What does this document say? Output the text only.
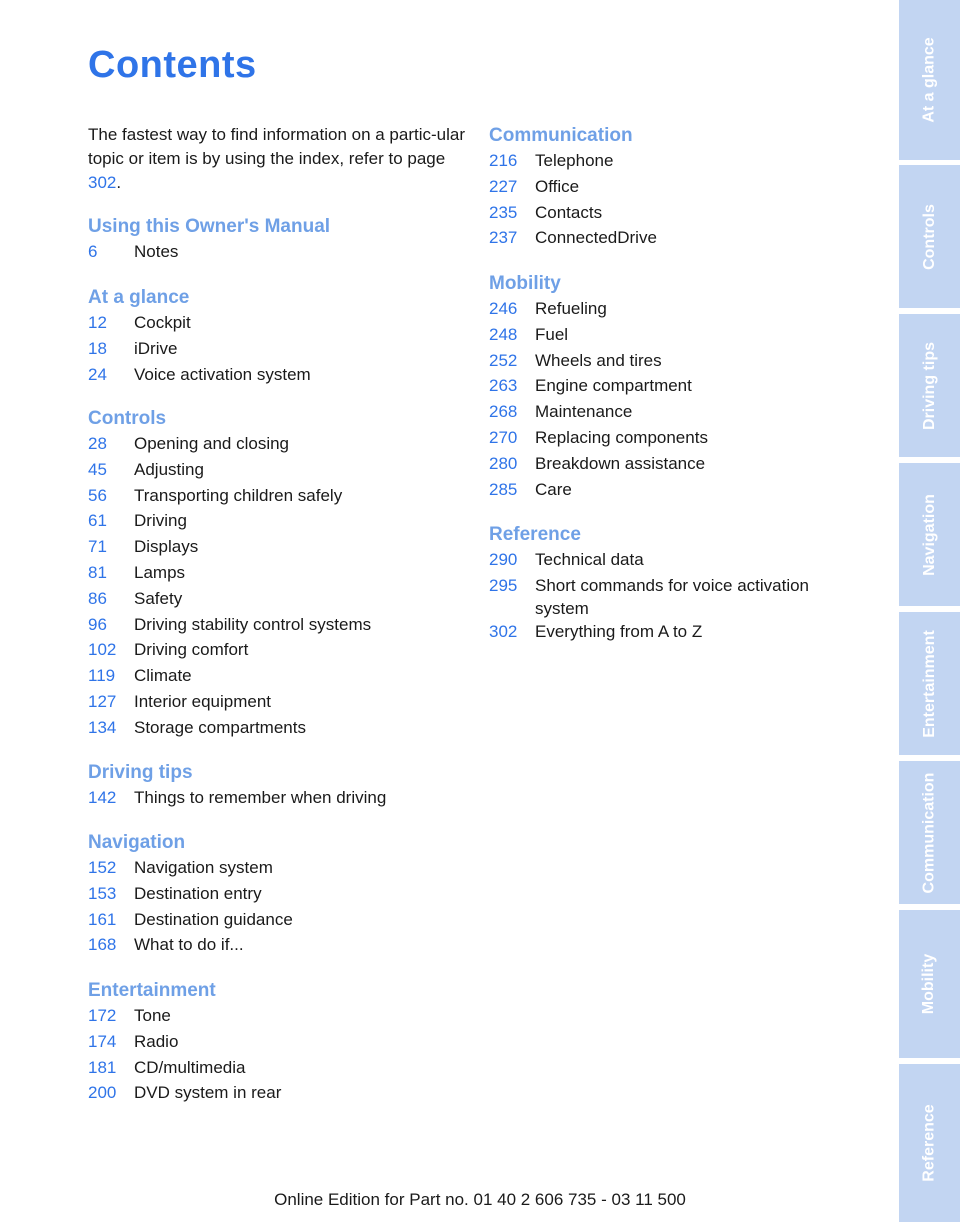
Contents
The fastest way to find information on a partic-ular topic or item is by using the index, refer to page 302.
Using this Owner's Manual
6	Notes
At a glance
12	Cockpit
18	iDrive
24	Voice activation system
Controls
28	Opening and closing
45	Adjusting
56	Transporting children safely
61	Driving
71	Displays
81	Lamps
86	Safety
96	Driving stability control systems
102	Driving comfort
119	Climate
127	Interior equipment
134	Storage compartments
Driving tips
142	Things to remember when driving
Navigation
152	Navigation system
153	Destination entry
161	Destination guidance
168	What to do if...
Entertainment
172	Tone
174	Radio
181	CD/multimedia
200	DVD system in rear
Communication
216	Telephone
227	Office
235	Contacts
237	ConnectedDrive
Mobility
246	Refueling
248	Fuel
252	Wheels and tires
263	Engine compartment
268	Maintenance
270	Replacing components
280	Breakdown assistance
285	Care
Reference
290	Technical data
295	Short commands for voice activation system
302	Everything from A to Z
At a glance
Controls
Driving tips
Navigation
Entertainment
Communication
Mobility
Reference
Online Edition for Part no. 01 40 2 606 735 - 03 11 500
